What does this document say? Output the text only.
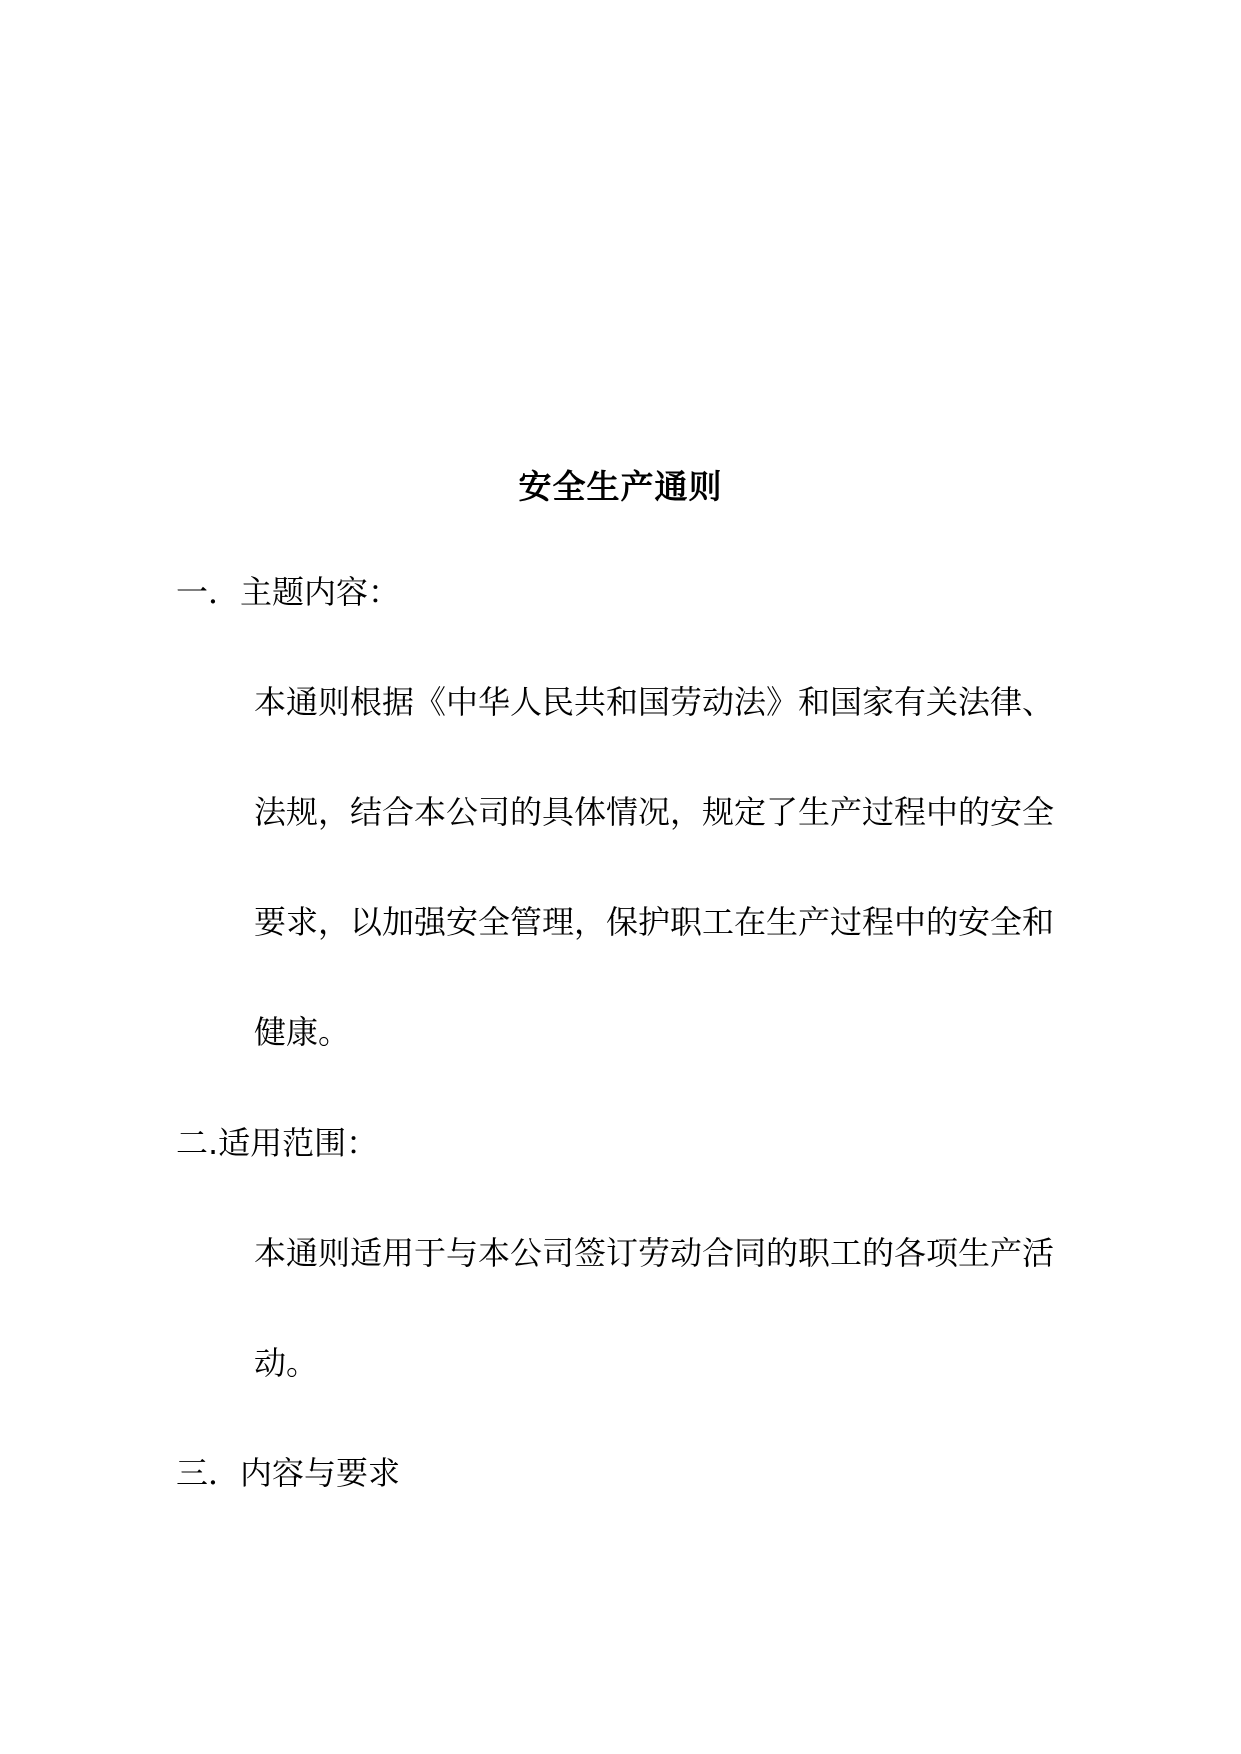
安全生产通则
一．主题内容：
本通则根据《中华人民共和国劳动法》和国家有关法律、
法规，结合本公司的具体情况，规定了生产过程中的安全
要求，以加强安全管理，保护职工在生产过程中的安全和
健康。
二.适用范围：
本通则适用于与本公司签订劳动合同的职工的各项生产活
动。
三．内容与要求
